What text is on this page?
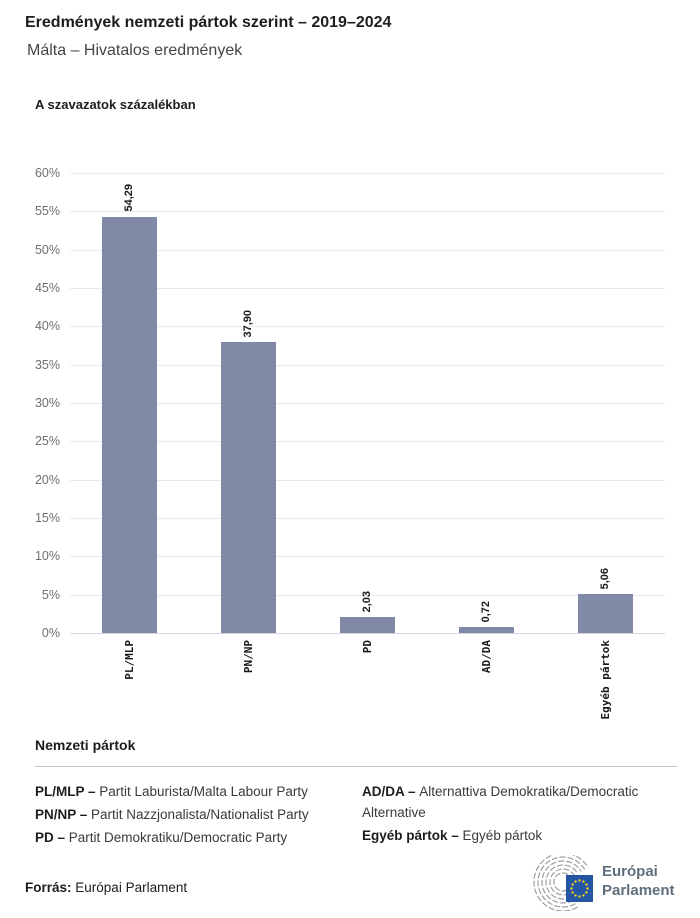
Eredmények nemzeti pártok szerint – 2019–2024
Málta – Hivatalos eredmények
A szavazatok százalékban
0%
5%
10%
15%
20%
25%
30%
35%
40%
45%
50%
55%
60%
54,29
PL/MLP
37,90
PN/NP
2,03
PD
0,72
AD/DA
5,06
Egyéb pártok
Nemzeti pártok
PL/MLP – Partit Laburista/Malta Labour Party
PN/NP – Partit Nazzjonalista/Nationalist Party
PD – Partit Demokratiku/Democratic Party
AD/DA – Alternattiva Demokratika/Democratic Alternative
Egyéb pártok – Egyéb pártok
Forrás: Európai Parlament
Európai
Parlament
